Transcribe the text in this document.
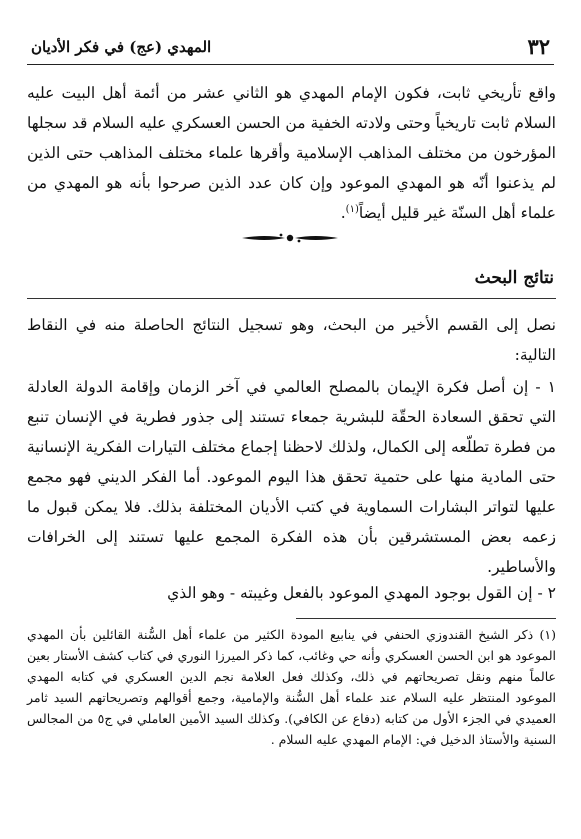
٣٢
المهدي (عج) في فكر الأديان

واقع تأريخي ثابت، فكون الإمام المهدي هو الثاني عشر من أئمة أهل البيت عليه السلام ثابت تاريخياً وحتى ولادته الخفية من الحسن العسكري عليه السلام قد سجلها المؤرخون من مختلف المذاهب الإسلامية وأقرها علماء مختلف المذاهب حتى الذين لم يذعنوا أنّه هو المهدي الموعود وإن كان عدد الذين صرحوا بأنه هو المهدي من علماء أهل السنّة غير قليل أيضاً$^{(١)}$.

نتائج البحث

نصل إلى القسم الأخير من البحث، وهو تسجيل النتائج الحاصلة منه في النقاط التالية:

١ - إن أصل فكرة الإيمان بالمصلح العالمي في آخر الزمان وإقامة الدولة العادلة التي تحقق السعادة الحقّة للبشرية جمعاء تستند إلى جذور فطرية في الإنسان تنبع من فطرة تطلّعه إلى الكمال، ولذلك لاحظنا إجماع مختلف التيارات الفكرية الإنسانية حتى المادية منها على حتمية تحقق هذا اليوم الموعود. أما الفكر الديني فهو مجمع عليها لتواتر البشارات السماوية في كتب الأديان المختلفة بذلك. فلا يمكن قبول ما زعمه بعض المستشرقين بأن هذه الفكرة المجمع عليها تستند إلى الخرافات والأساطير.

٢ - إن القول بوجود المهدي الموعود بالفعل وغيبته - وهو الذي

(١) ذكر الشيخ القندوزي الحنفي في ينابيع المودة الكثير من علماء أهل السُّنة القائلين بأن المهدي الموعود هو ابن الحسن العسكري وأنه حي وغائب، كما ذكر الميرزا النوري في كتاب كشف الأستار بعين عالماً منهم ونقل تصريحاتهم في ذلك، وكذلك فعل العلامة نجم الدين العسكري في كتابه المهدي الموعود المنتظر عليه السلام عند علماء أهل السُّنة والإمامية، وجمع أقوالهم وتصريحاتهم السيد ثامر العميدي في الجزء الأول من كتابه (دفاع عن الكافي). وكذلك السيد الأمين العاملي في ج٥ من المجالس السنية والأستاذ الدخيل في: الإمام المهدي عليه السلام .
